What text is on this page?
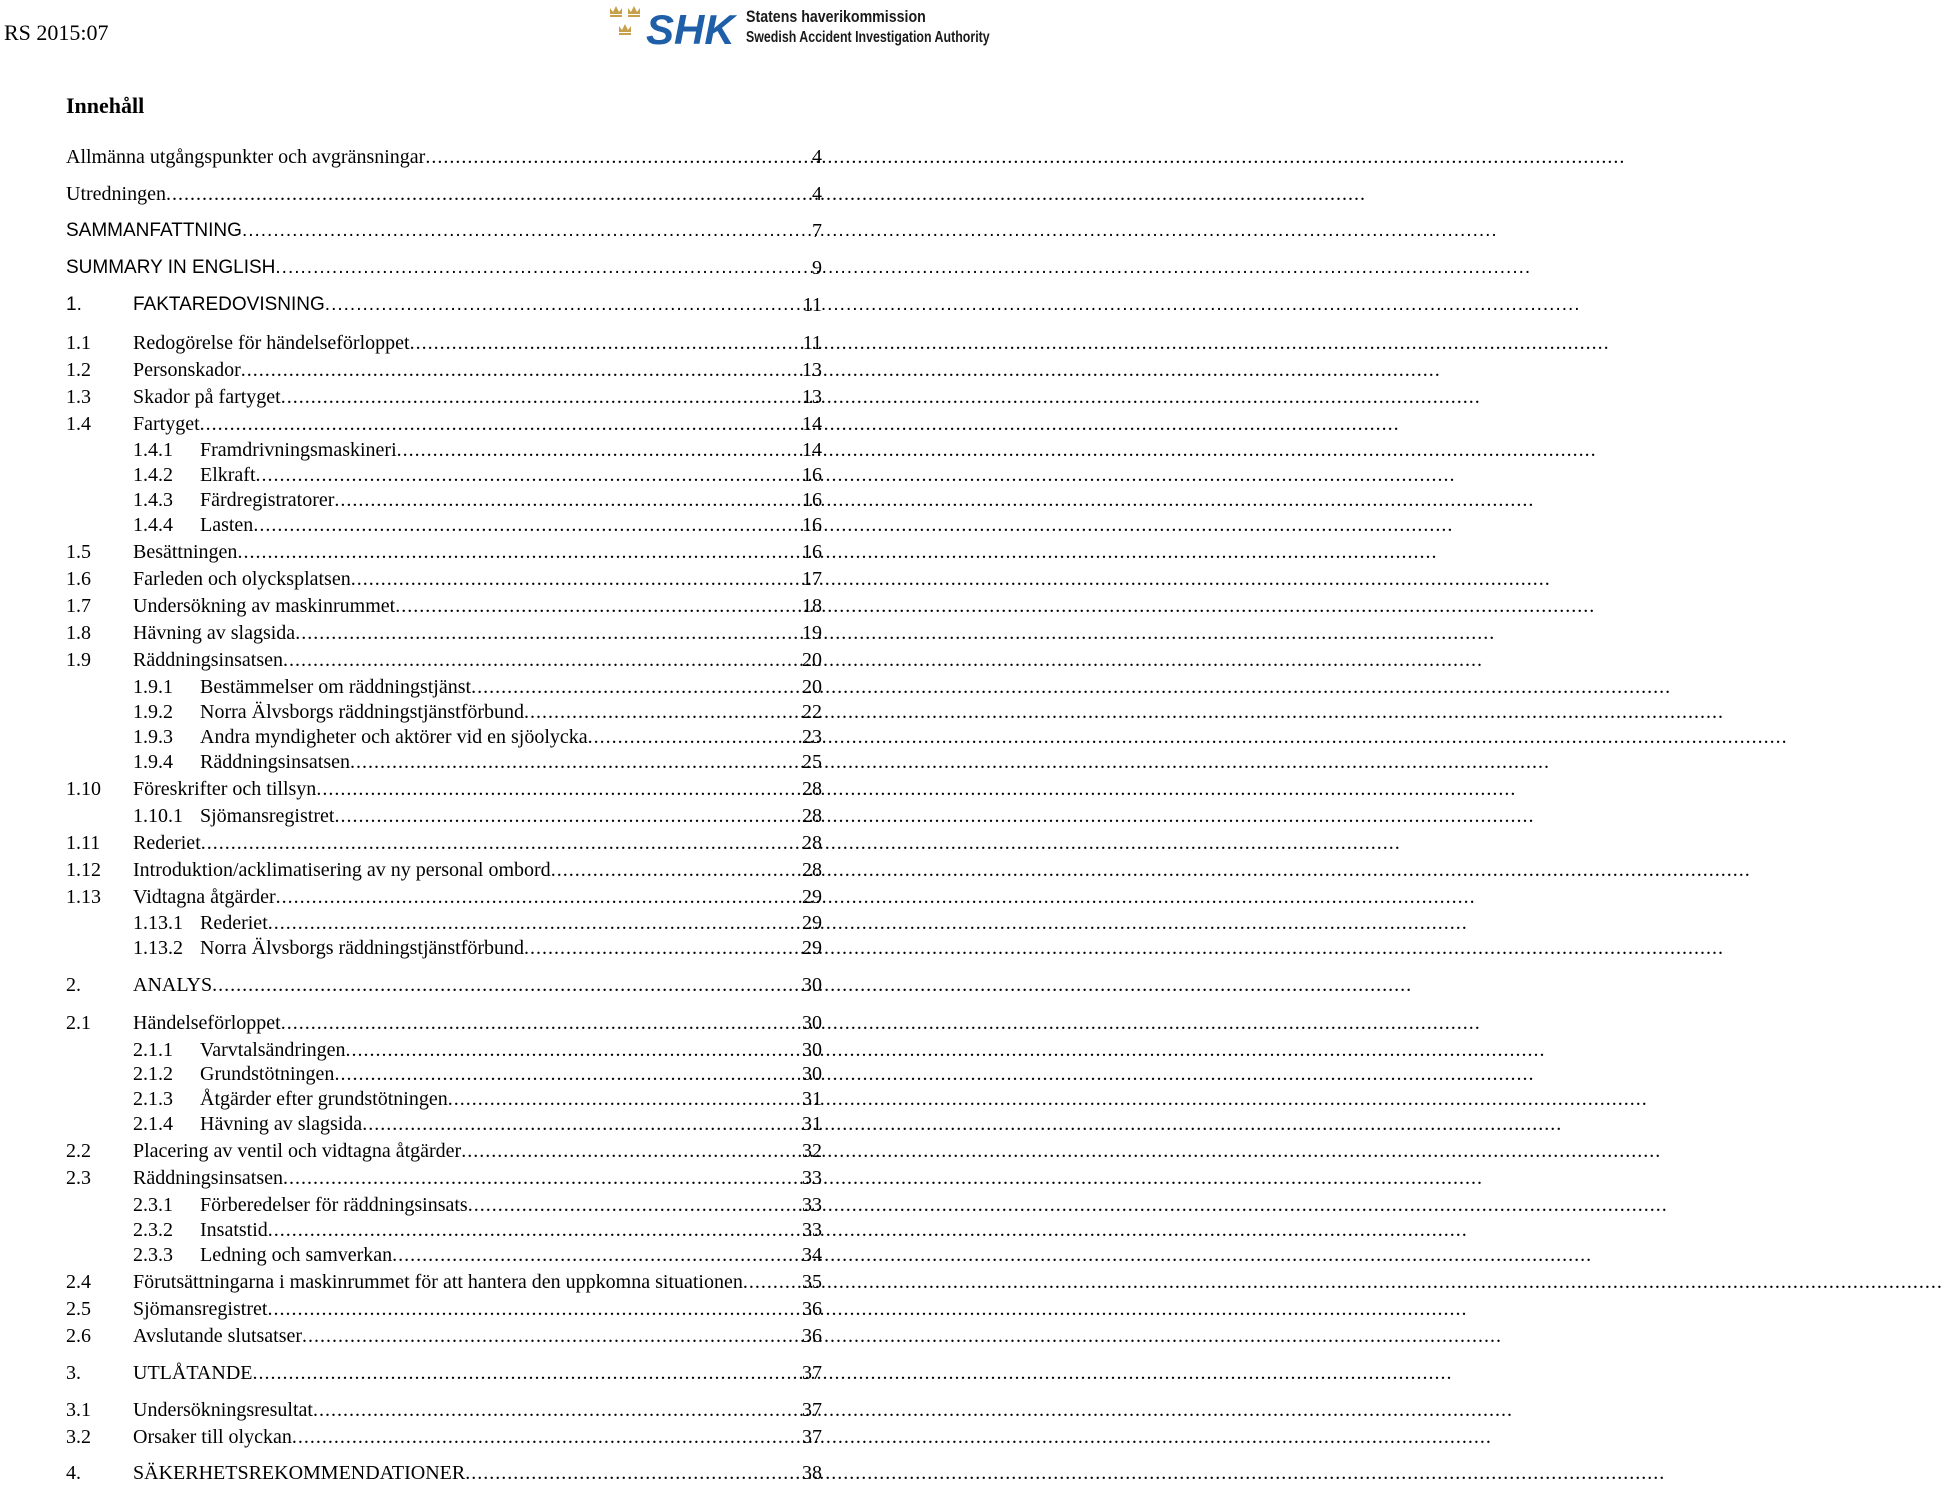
RS 2015:07	SHK Statens haverikommission
Swedish Accident Investigation Authority
Innehåll
Allmänna utgångspunkter och avgränsningar .....	4
Utredningen .....	4
SAMMANFATTNING .....	7
SUMMARY IN ENGLISH .....	9
1.	FAKTAREDOVISNING .....	11
1.1 Redogörelse för händelseförloppet .....	11
1.2 Personskador .....	13
1.3 Skador på fartyget .....	13
1.4 Fartyget .....	14
1.4.1 Framdrivningsmaskineri .....	14
1.4.2 Elkraft .....	16
1.4.3 Färdregistratorer .....	16
1.4.4 Lasten .....	16
1.5 Besättningen .....	16
1.6 Farleden och olycksplatsen .....	17
1.7 Undersökning av maskinrummet .....	18
1.8 Hävning av slagsida .....	19
1.9 Räddningsinsatsen .....	20
1.9.1 Bestämmelser om räddningstjänst .....	20
1.9.2 Norra Älvsborgs räddningstjänstförbund .....	22
1.9.3 Andra myndigheter och aktörer vid en sjöolycka .....	23
1.9.4 Räddningsinsatsen .....	25
1.10 Föreskrifter och tillsyn .....	28
1.10.1 Sjömansregistret .....	28
1.11 Rederiet .....	28
1.12 Introduktion/acklimatisering av ny personal ombord .....	28
1.13 Vidtagna åtgärder .....	29
1.13.1 Rederiet .....	29
1.13.2 Norra Älvsborgs räddningstjänstförbund .....	29
2.	ANALYS .....	30
2.1 Händelseförloppet .....	30
2.1.1 Varvtalsändringen .....	30
2.1.2 Grundstötningen .....	30
2.1.3 Åtgärder efter grundstötningen .....	31
2.1.4 Hävning av slagsida .....	31
2.2 Placering av ventil och vidtagna åtgärder .....	32
2.3 Räddningsinsatsen .....	33
2.3.1 Förberedelser för räddningsinsats .....	33
2.3.2 Insatstid .....	33
2.3.3 Ledning och samverkan .....	34
2.4 Förutsättningarna i maskinrummet för att hantera den uppkomna situationen .....	35
2.5 Sjömansregistret .....	36
2.6 Avslutande slutsatser .....	36
3.	UTLÅTANDE .....	37
3.1 Undersökningsresultat .....	37
3.2 Orsaker till olyckan .....	37
4.	SÄKERHETSREKOMMENDATIONER .....	38
